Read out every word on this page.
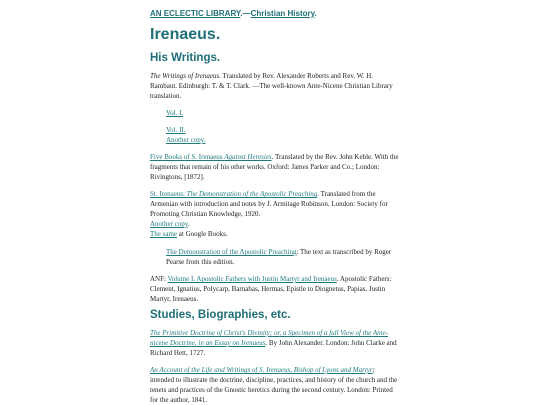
AN ECLECTIC LIBRARY.—Christian History.
Irenaeus.
His Writings.
The Writings of Irenaeus. Translated by Rev. Alexander Roberts and Rev. W. H. Rambaut. Edinburgh: T. & T. Clark. —The well-known Ante-Nicene Christian Library translation.
Vol. I.
Vol. II.
Another copy.
Five Books of S. Irenaeus Against Heresies. Translated by the Rev. John Keble. With the fragments that remain of his other works. Oxford: James Parker and Co.; London: Rivingtons, [1872].
St. Irenaeus: The Demonstration of the Apostolic Preaching. Translated from the Armenian with introduction and notes by J. Armitage Robinson. London: Society for Promoting Christian Knowledge, 1920.
Another copy.
The same at Google Books.
The Demonstration of the Apostolic Preaching: The text as transcribed by Roger Pearse from this edition.
ANF: Volume I. Apostolic Fathers with Justin Martyr and Irenaeus. Apostolic Fathers: Clement, Ignatius, Polycarp, Barnabas, Hermas, Epistle to Diognetus, Papias, Justin Martyr, Irenaeus.
Studies, Biographies, etc.
The Primitive Doctrine of Christ's Divinity; or, a Specimen of a full View of the Ante-nicene Doctrine, in an Essay on Irenaeus. By John Alexander. London: John Clarke and Richard Hett, 1727.
An Account of the Life and Writings of S. Irenaeus, Bishop of Lyons and Martyr; intended to illustrate the doctrine, discipline, practices, and history of the church and the tenets and practices of the Gnostic heretics during the second century. London: Printed for the author, 1841.
